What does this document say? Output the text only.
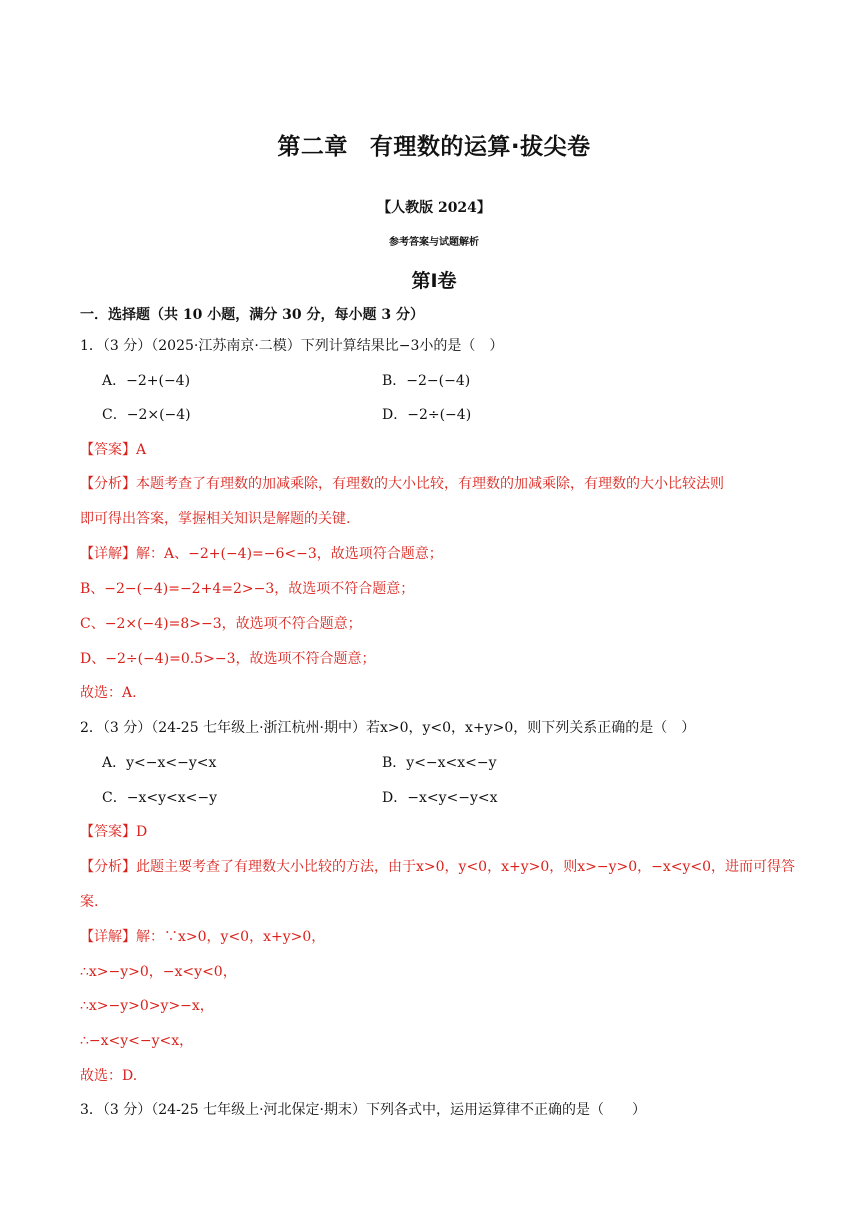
第二章 有理数的运算·拔尖卷
【人教版 2024】
参考答案与试题解析
第Ⅰ卷
一．选择题（共 10 小题，满分 30 分，每小题 3 分）
1．（3 分）（2025·江苏南京·二模）下列计算结果比−3小的是（　）
A．−2+(−4)	B．−2−(−4)
C．−2×(−4)	D．−2÷(−4)
【答案】A
【分析】本题考查了有理数的加减乘除，有理数的大小比较，有理数的加减乘除，有理数的大小比较法则
即可得出答案，掌握相关知识是解题的关键.
【详解】解：A、−2+(−4)=−6<−3，故选项符合题意；
B、−2−(−4)=−2+4=2>−3，故选项不符合题意；
C、−2×(−4)=8>−3，故选项不符合题意；
D、−2÷(−4)=0.5>−3，故选项不符合题意；
故选：A.
2．（3 分）（24-25 七年级上·浙江杭州·期中）若x>0，y<0，x+y>0，则下列关系正确的是（　）
A．y<−x<−y<x	B．y<−x<x<−y
C．−x<y<x<−y	D．−x<y<−y<x
【答案】D
【分析】此题主要考查了有理数大小比较的方法，由于x>0，y<0，x+y>0，则x>−y>0，−x<y<0，进而可得答
案.
【详解】解：∵x>0，y<0，x+y>0，
∴x>−y>0，−x<y<0，
∴x>−y>0>y>−x，
∴−x<y<−y<x，
故选：D.
3．（3 分）（24-25 七年级上·河北保定·期末）下列各式中，运用运算律不正确的是（　　）
